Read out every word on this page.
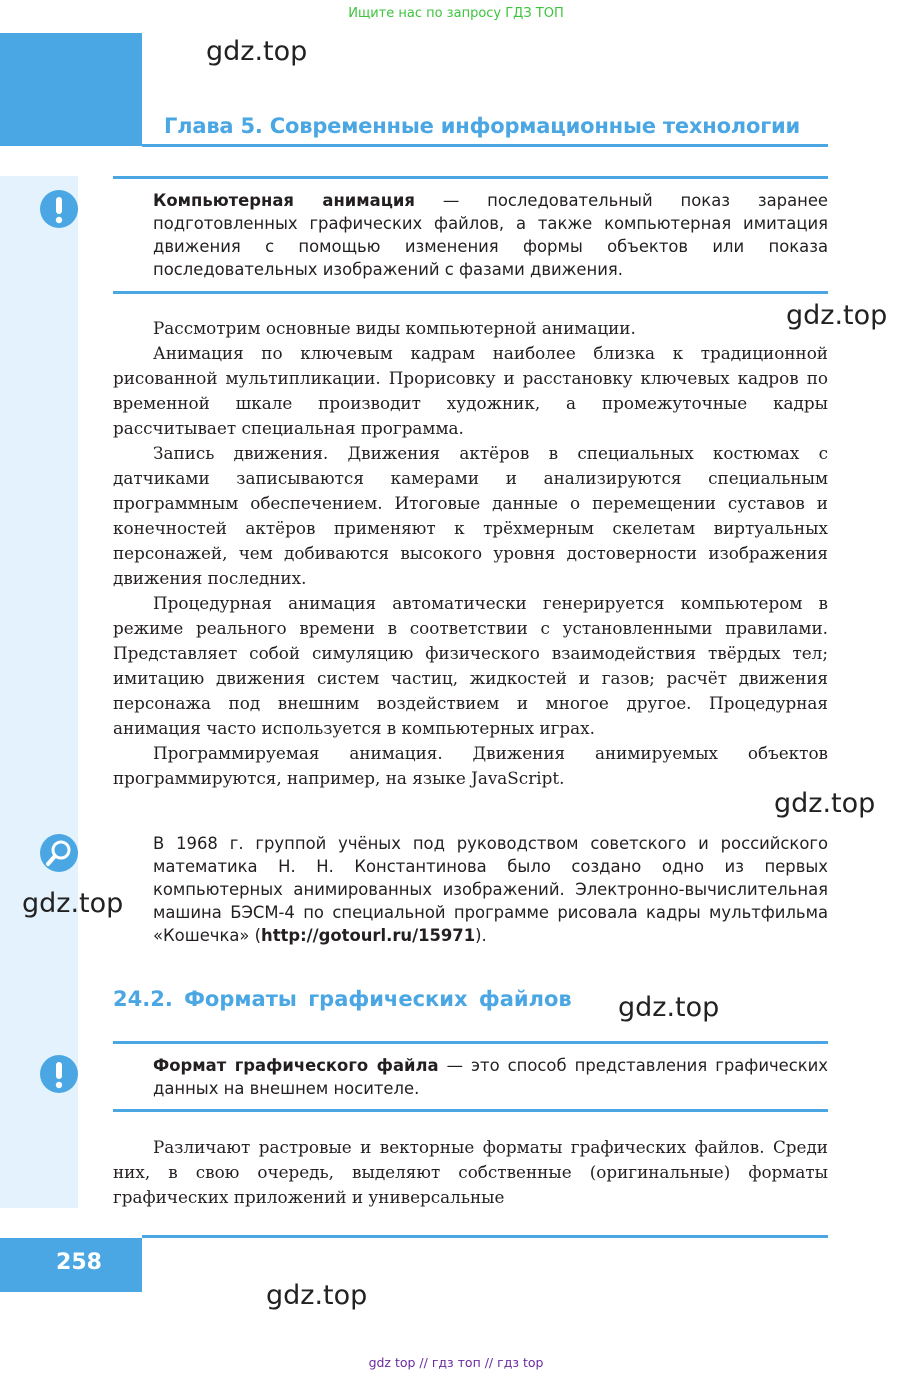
Ищите нас по запросу ГДЗ ТОП
Глава 5. Современные информационные технологии
gdz.top
Компьютерная анимация — последовательный показ заранее подготовленных графических файлов, а также компьютерная имитация движения с помощью изменения формы объектов или показа последовательных изображений с фазами движения.

Рассмотрим основные виды компьютерной анимации.

Анимация по ключевым кадрам наиболее близка к традиционной рисованной мультипликации. Прорисовку и расстановку ключевых кадров по временной шкале производит художник, а промежуточные кадры рассчитывает специальная программа.

Запись движения. Движения актёров в специальных костюмах с датчиками записываются камерами и анализируются специальным программным обеспечением. Итоговые данные о перемещении суставов и конечностей актёров применяют к трёхмерным скелетам виртуальных персонажей, чем добиваются высокого уровня достоверности изображения движения последних.

Процедурная анимация автоматически генерируется компьютером в режиме реального времени в соответствии с установленными правилами. Представляет собой симуляцию физического взаимодействия твёрдых тел; имитацию движения систем частиц, жидкостей и газов; расчёт движения персонажа под внешним воздействием и многое другое. Процедурная анимация часто используется в компьютерных играх.

Программируемая анимация. Движения анимируемых объектов программируются, например, на языке JavaScript.

gdz.top
gdz.top
В 1968 г. группой учёных под руководством советского и российского математика Н. Н. Константинова было создано одно из первых компьютерных анимированных изображений. Электронно-вычислительная машина БЭСМ-4 по специальной программе рисовала кадры мультфильма «Кошечка» (http://gotourl.ru/15971).
gdz.top
24.2. Форматы графических файлов gdz.top
Формат графического файла — это способ представления графических данных на внешнем носителе.

Различают растровые и векторные форматы графических файлов. Среди них, в свою очередь, выделяют собственные (оригинальные) форматы графических приложений и универсальные

258
gdz.top
gdz top // гдз топ // гдз top
